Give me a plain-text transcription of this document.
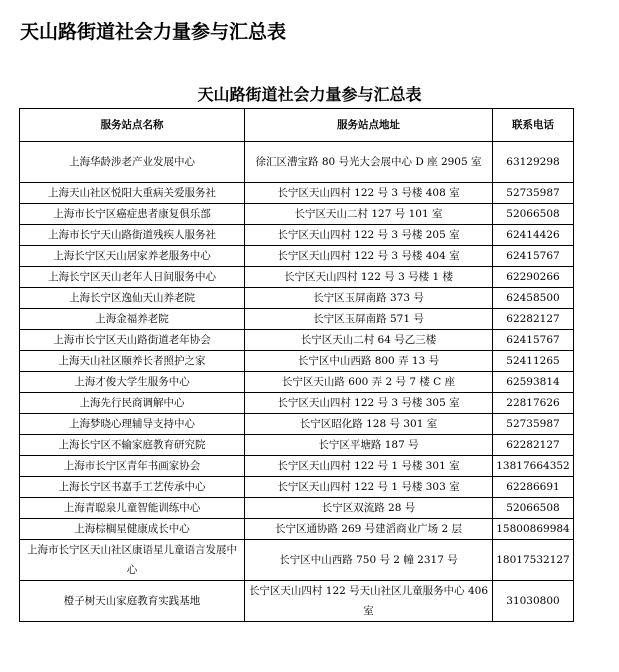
天山路街道社会力量参与汇总表
天山路街道社会力量参与汇总表
服务站点名称	服务站点地址	联系电话
上海华龄涉老产业发展中心	徐汇区漕宝路 80 号光大会展中心 D 座 2905 室	63129298
上海天山社区悦阳大重病关爱服务社	长宁区天山四村 122 号 3 号楼 408 室	52735987
上海市长宁区癌症患者康复俱乐部	长宁区天山二村 127 号 101 室	52066508
上海市长宁天山路街道残疾人服务社	长宁区天山四村 122 号 3 号楼 205 室	62414426
上海长宁区天山居家养老服务中心	长宁区天山四村 122 号 3 号楼 404 室	62415767
上海长宁区天山老年人日间服务中心	长宁区天山四村 122 号 3 号楼 1 楼	62290266
上海长宁区逸仙天山养老院	长宁区玉屏南路 373 号	62458500
上海金福养老院	长宁区玉屏南路 571 号	62282127
上海市长宁区天山路街道老年协会	长宁区天山二村 64 号乙三楼	62415767
上海天山社区颐养长者照护之家	长宁区中山西路 800 弄 13 号	52411265
上海才俊大学生服务中心	长宁区天山路 600 弄 2 号 7 楼 C 座	62593814
上海先行民商调解中心	长宁区天山四村 122 号 3 号楼 305 室	22817626
上海梦晓心理辅导支持中心	长宁区昭化路 128 号 301 室	52735987
上海长宁区不输家庭教育研究院	长宁区平塘路 187 号	62282127
上海市长宁区青年书画家协会	长宁区天山四村 122 号 1 号楼 301 室	13817664352
上海长宁区书嘉手工艺传承中心	长宁区天山四村 122 号 1 号楼 303 室	62286691
上海青聪泉儿童智能训练中心	长宁区双流路 28 号	52066508
上海棕榈星健康成长中心	长宁区通协路 269 号建滔商业广场 2 层	15800869984
上海市长宁区天山社区康语星儿童语言发展中心	长宁区中山西路 750 号 2 幢 2317 号	18017532127
橙子树天山家庭教育实践基地	长宁区天山四村 122 号天山社区儿童服务中心 406 室	31030800
